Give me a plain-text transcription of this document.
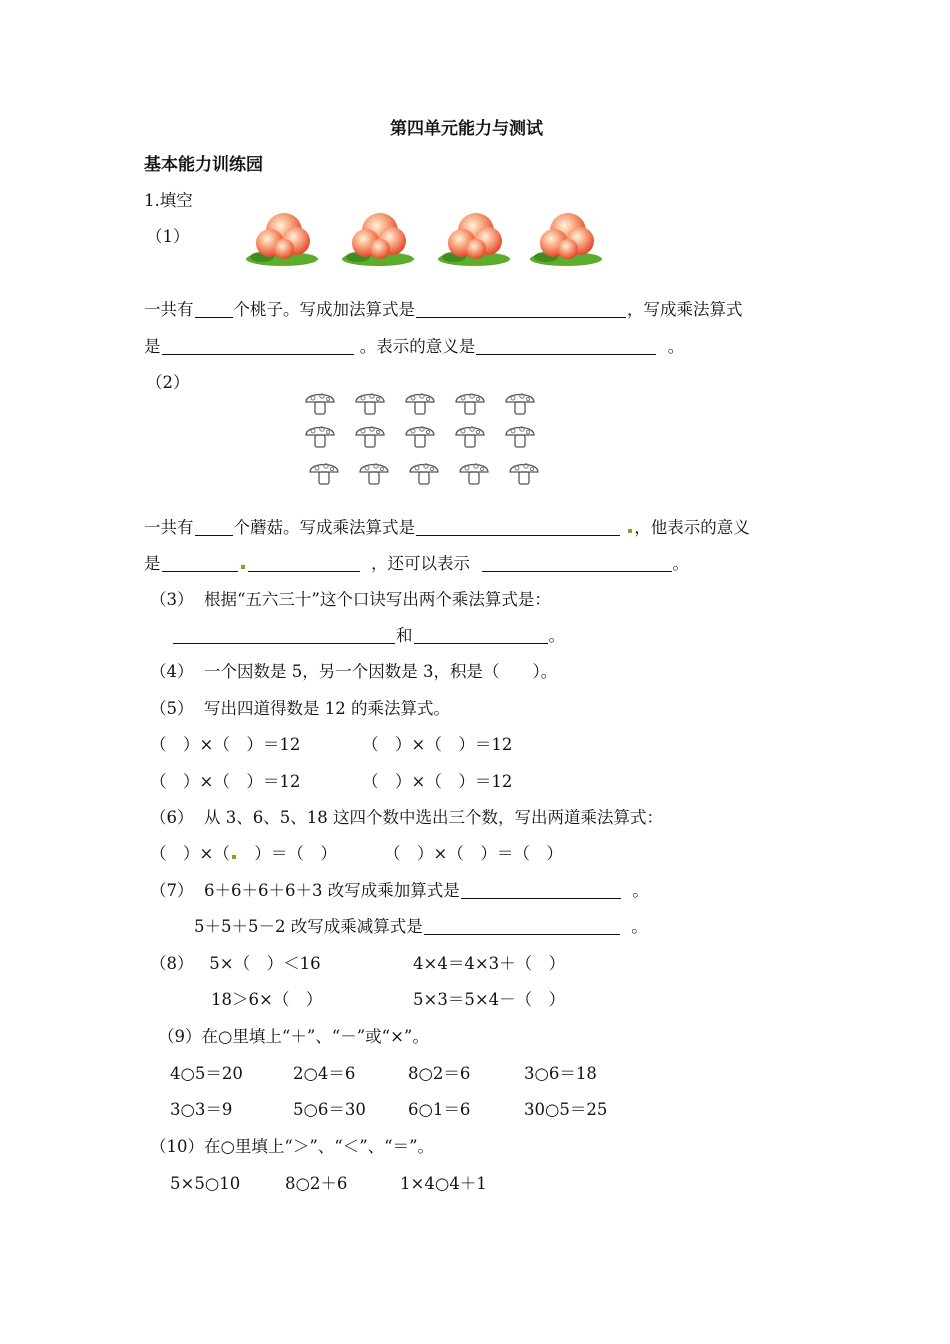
第四单元能力与测试
基本能力训练园
1.填空
（1）
一共有 个桃子。写成加法算式是	，写成乘法算式
是	。表示的意义是	。
（2）
一共有 个蘑菇。写成乘法算式是	，他表示的意义
是	，还可以表示	。
（3） 根据“五六三十”这个口诀写出两个乘法算式是：
和	。
（4） 一个因数是 5，另一个因数是 3，积是（　　）。
（5） 写出四道得数是 12 的乘法算式。
（　）×（　）＝12	（　）×（　）＝12
（　）×（　）＝12	（　）×（　）＝12
（6） 从 3、6、5、18 这四个数中选出三个数，写出两道乘法算式：
（　）×（　）＝（　）	（　）×（　）＝（　）
（7） 6＋6＋6＋6＋3 改写成乘加算式是	。
5＋5＋5－2 改写成乘减算式是	。
（8） 5×（　）＜16	4×4＝4×3＋（　）
18＞6×（　）	5×3＝5×4－（　）
（9）在○里填上“＋”、“－”或“×”。
4○5＝20	2○4＝6	8○2＝6	3○6＝18
3○3＝9	5○6＝30	6○1＝6	30○5＝25
（10）在○里填上“＞”、“＜”、“＝”。
5×5○10	8○2＋6	1×4○4＋1
